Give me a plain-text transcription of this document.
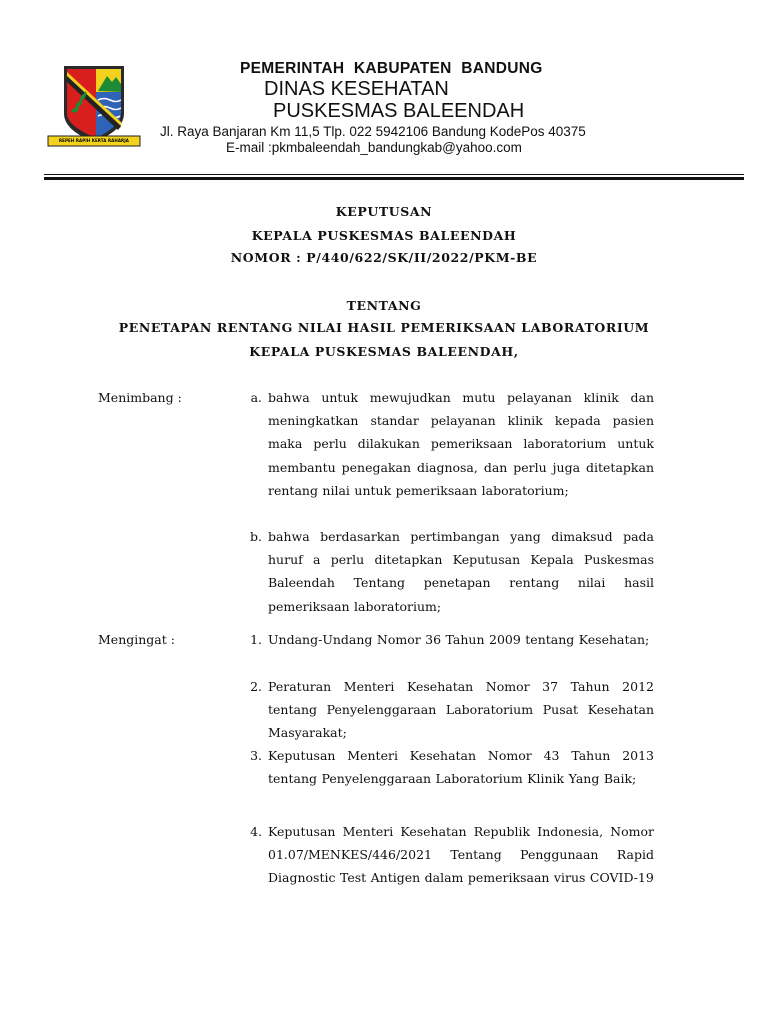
REPEH RAPIH KERTA RAHARJA
PEMERINTAH KABUPATEN BANDUNG
DINAS KESEHATAN
PUSKESMAS BALEENDAH
Jl. Raya Banjaran Km 11,5 Tlp. 022 5942106 Bandung KodePos 40375
E-mail :pkmbaleendah_bandungkab@yahoo.com
KEPUTUSAN
KEPALA PUSKESMAS BALEENDAH
NOMOR : P/440/622/SK/II/2022/PKM-BE
TENTANG
PENETAPAN RENTANG NILAI HASIL PEMERIKSAAN LABORATORIUM
KEPALA PUSKESMAS BALEENDAH,
Menimbang :	a. bahwa untuk mewujudkan mutu pelayanan klinik dan meningkatkan standar pelayanan klinik kepada pasien maka perlu dilakukan pemeriksaan laboratorium untuk membantu penegakan diagnosa, dan perlu juga ditetapkan rentang nilai untuk pemeriksaan laboratorium;
b. bahwa berdasarkan pertimbangan yang dimaksud pada huruf a perlu ditetapkan Keputusan Kepala Puskesmas Baleendah Tentang penetapan rentang nilai hasil pemeriksaan laboratorium;
Mengingat :	1. Undang-Undang Nomor 36 Tahun 2009 tentang Kesehatan;
2. Peraturan Menteri Kesehatan Nomor 37 Tahun 2012 tentang Penyelenggaraan Laboratorium Pusat Kesehatan Masyarakat;
3. Keputusan Menteri Kesehatan Nomor 43 Tahun 2013 tentang Penyelenggaraan Laboratorium Klinik Yang Baik;
4. Keputusan Menteri Kesehatan Republik Indonesia, Nomor 01.07/MENKES/446/2021 Tentang Penggunaan Rapid Diagnostic Test Antigen dalam pemeriksaan virus COVID-19
